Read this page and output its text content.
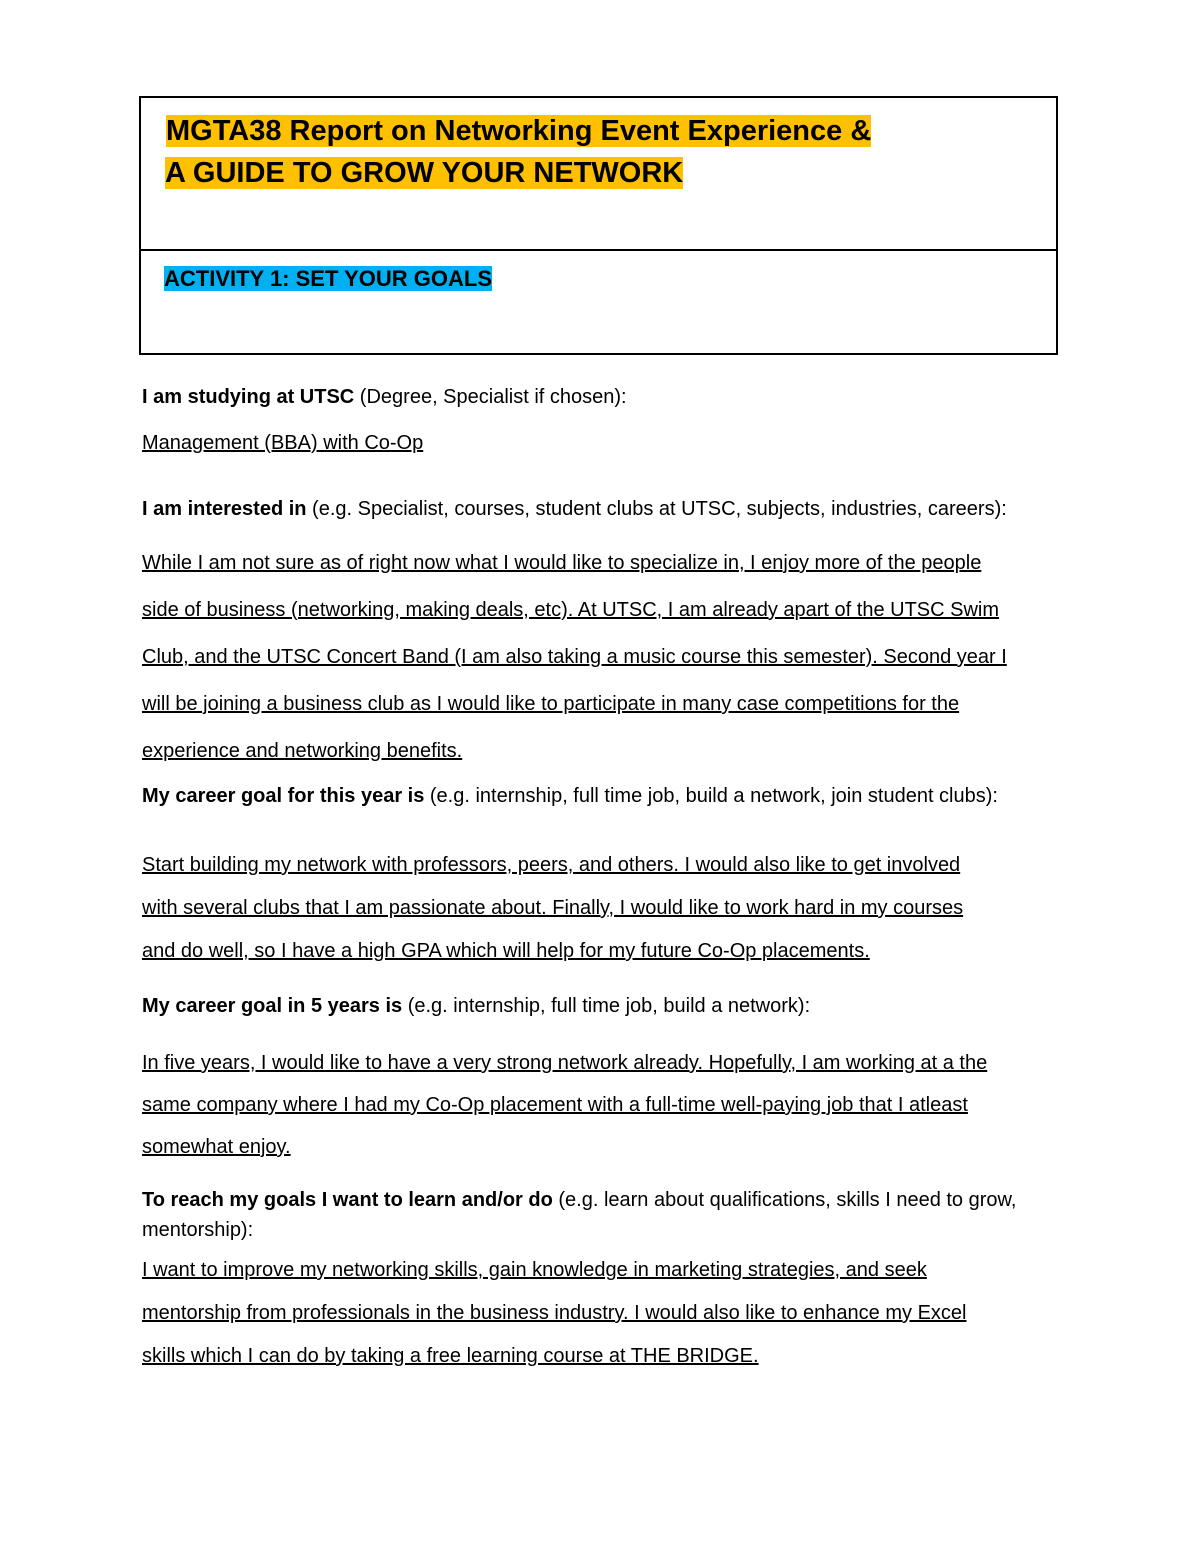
MGTA38 Report on Networking Event Experience &
A GUIDE TO GROW YOUR NETWORK
ACTIVITY 1: SET YOUR GOALS
I am studying at UTSC (Degree, Specialist if chosen):
Management (BBA) with Co-Op
I am interested in (e.g. Specialist, courses, student clubs at UTSC, subjects, industries, careers):
While I am not sure as of right now what I would like to specialize in, I enjoy more of the people
side of business (networking, making deals, etc). At UTSC, I am already apart of the UTSC Swim
Club, and the UTSC Concert Band (I am also taking a music course this semester). Second year I
will be joining a business club as I would like to participate in many case competitions for the
experience and networking benefits.
My career goal for this year is (e.g. internship, full time job, build a network, join student clubs):
Start building my network with professors, peers, and others. I would also like to get involved
with several clubs that I am passionate about. Finally, I would like to work hard in my courses
and do well, so I have a high GPA which will help for my future Co-Op placements.
My career goal in 5 years is (e.g. internship, full time job, build a network):
In five years, I would like to have a very strong network already. Hopefully, I am working at a the
same company where I had my Co-Op placement with a full-time well-paying job that I atleast
somewhat enjoy.
To reach my goals I want to learn and/or do (e.g. learn about qualifications, skills I need to grow, mentorship):
I want to improve my networking skills, gain knowledge in marketing strategies, and seek
mentorship from professionals in the business industry. I would also like to enhance my Excel
skills which I can do by taking a free learning course at THE BRIDGE.
